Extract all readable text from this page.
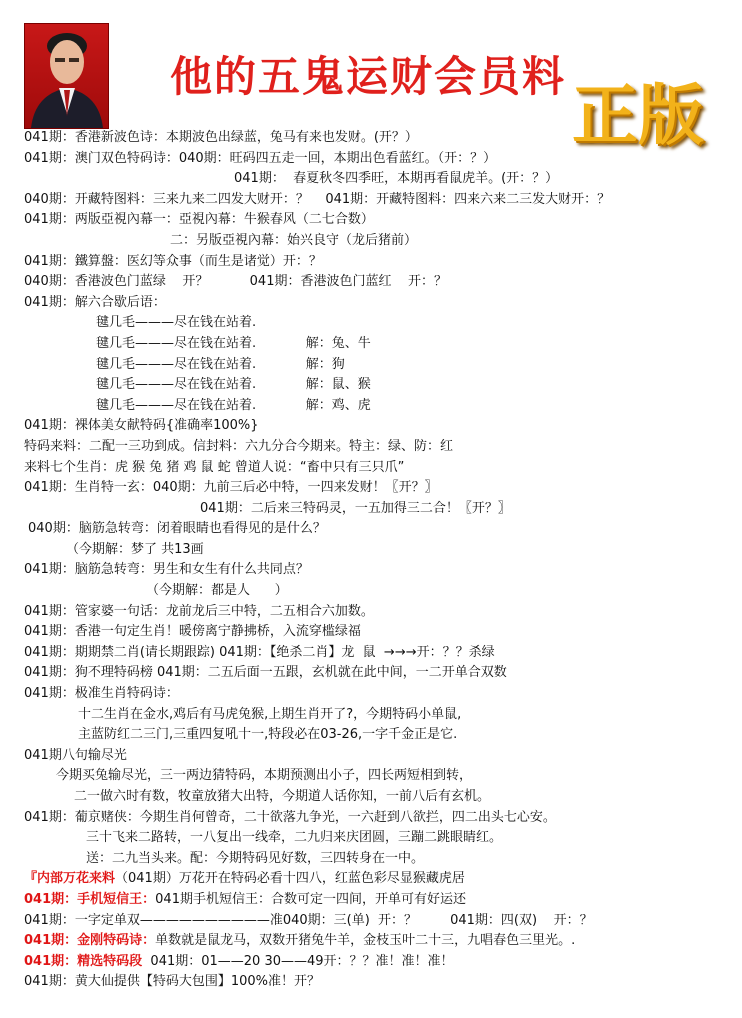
他的五鬼运财会员料 正版
041期：香港新波色诗：本期波色出绿蓝，兔马有来也发财。(开？）
041期：澳门双色特码诗：040期：旺码四五走一回，本期出色看蓝红。（开：？）
041期：  春夏秋冬四季旺，本期再看鼠虎羊。(开：？）
040期：开藏特图料：三来九来二四发大财开：？    041期：开藏特图料：四来六来二三发大财开：？
041期：两版亞視內幕一：亞視內幕：牛猴春风（二七合数）
二：另版亞視內幕：始兴良守（龙后猪前）
041期：鐵算盤：医幻等众事（而生是诸觉）开：？
040期：香港波色门蓝绿    开？          041期：香港波色门蓝红    开：？
041期：解六合歇后语：
毽几毛———尽在钱在站着.
毽几毛———尽在钱在站着.            解：兔、牛
毽几毛———尽在钱在站着.            解：狗
毽几毛———尽在钱在站着.            解：鼠、猴
毽几毛———尽在钱在站着.            解：鸡、虎
041期：裸体美女献特码{准确率100%}
特码来料：二配一三功到成。信封料：六九分合今期来。特主：绿、防：红
来料七个生肖：虎 猴 兔 猪 鸡 鼠 蛇 曾道人说：“畜中只有三只爪”
041期：生肖特一玄：040期：九前三后必中特，一四来发财！〖开？〗
041期：二后来三特码灵，一五加得三二合！〖开？〗
040期：脑筋急转弯：闭着眼睛也看得见的是什么？
（今期解：梦了 共13画
041期：脑筋急转弯：男生和女生有什么共同点？
（今期解：都是人      ）
041期：管家婆一句话：龙前龙后三中特，二五相合六加数。
041期：香港一句定生肖！暖傍离宁静拂桥，入流穿槛绿福
041期：期期禁二肖(请长期跟踪) 041期：【绝杀二肖】龙  鼠  →→→开：？？杀绿
041期：狗不理特码榜 041期：二五后面一五跟，玄机就在此中间，一二开单合双数
041期：极准生肖特码诗：
十二生肖在金水,鸡后有马虎兔猴,上期生肖开了?，今期特码小单鼠,
主蓝防红二三门,三重四复吼十一,特段必在03-26,一字千金正是它.
041期八句输尽光
今期买兔输尽光，三一两边猜特码，本期预测出小子，四长两短相到转，
二一做六时有数，牧童放猪大出特，今期道人话你知，一前八后有玄机。
041期：葡京赌侠：今期生肖何曾奇，二十欲落九争光，一六赶到八欲拦，四二出头七心安。
三十飞来二路转，一八复出一线牵，二九归来庆团圆，三蹦二跳眼睛红。
送：二九当头来。配：今期特码见好数，三四转身在一中。
『内部万花来料（041期）万花开在特码必看十四八，红蓝色彩尽显猴藏虎居
041期：手机短信王：041期手机短信王：合数可定一四间，开单可有好运还
041期：一字定单双——————————准040期：三(单)  开：？        041期：四(双)    开：？
041期：金刚特码诗：单数就是鼠龙马，双数开猪兔牛羊，金枝玉叶二十三，九唱春色三里光。.
041期：精选特码段  041期：01——20 30——49开：？？准！准！准！
041期：黄大仙提供【特码大包围】100%准！开？
